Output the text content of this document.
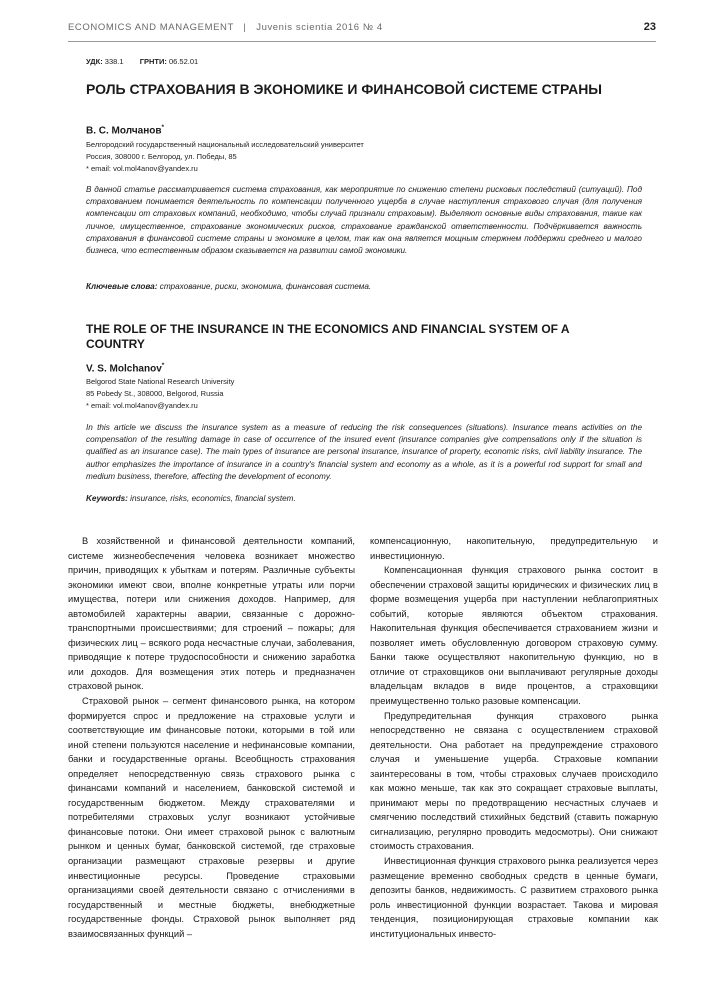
ECONOMICS AND MANAGEMENT   |   Juvenis scientia 2016 № 4	23
УДК: 338.1 ГРНТИ: 06.52.01
РОЛЬ СТРАХОВАНИЯ В ЭКОНОМИКЕ И ФИНАНСОВОЙ СИСТЕМЕ СТРАНЫ
В. С. Молчанов*
Белгородский государственный национальный исследовательский университет
Россия, 308000 г. Белгород, ул. Победы, 85
* email: vol.mol4anov@yandex.ru
В данной статье рассматривается система страхования, как мероприятие по снижению степени рисковых последствий (ситуаций). Под страхованием понимается деятельность по компенсации полученного ущерба в случае наступления страхового случая (для получения компенсации от страховых компаний, необходимо, чтобы случай признали страховым). Выделяют основные виды страхования, такие как личное, имущественное, страхование экономических рисков, страхование гражданской ответственности. Подчёркивается важность страхования в финансовой системе страны и экономике в целом, так как она является мощным стержнем поддержки среднего и малого бизнеса, что естественным образом сказывается на развитии самой экономики.
Ключевые слова: страхование, риски, экономика, финансовая система.
THE ROLE OF THE INSURANCE IN THE ECONOMICS AND FINANCIAL SYSTEM OF A COUNTRY
V. S. Molchanov*
Belgorod State National Research University
85 Pobedy St., 308000, Belgorod, Russia
* email: vol.mol4anov@yandex.ru
In this article we discuss the insurance system as a measure of reducing the risk consequences (situations). Insurance means activities on the compensation of the resulting damage in case of occurrence of the insured event (insurance companies give compensations only if the situation is qualified as an insurance case). The main types of insurance are personal insurance, insurance of property, economic risks, civil liability insurance. The author emphasizes the importance of insurance in a country's financial system and economy as a whole, as it is a powerful rod support for small and medium business, therefore, affecting the development of economy.
Keywords: insurance, risks, economics, financial system.

В хозяйственной и финансовой деятельности компаний, системе жизнеобеспечения человека возникает множество причин, приводящих к убыткам и потерям. Различные субъекты экономики имеют свои, вполне конкретные утраты или порчи имущества, потери или снижения доходов. Например, для автомобилей характерны аварии, связанные с дорожно-транспортными происшествиями; для строений – пожары; для физических лиц – всякого рода несчастные случаи, заболевания, приводящие к потере трудоспособности и снижению заработка или доходов. Для возмещения этих потерь и предназначен страховой рынок.

Страховой рынок – сегмент финансового рынка, на котором формируется спрос и предложение на страховые услуги и соответствующие им финансовые потоки, которыми в той или иной степени пользуются население и нефинансовые компании, банки и государственные органы. Всеобщность страхования определяет непосредственную связь страхового рынка с финансами компаний и населением, банковской системой и государственным бюджетом. Между страхователями и потребителями страховых услуг возникают устойчивые финансовые потоки. Они имеет страховой рынок с валютным рынком и ценных бумаг, банковской системой, где страховые организации размещают страховые резервы и другие инвестиционные ресурсы. Проведение страховыми организациями своей деятельности связано с отчислениями в государственный и местные бюджеты, внебюджетные государственные фонды. Страховой рынок выполняет ряд взаимосвязанных функций –

компенсационную, накопительную, предупредительную и инвестиционную.

Компенсационная функция страхового рынка состоит в обеспечении страховой защиты юридических и физических лиц в форме возмещения ущерба при наступлении неблагоприятных событий, которые являются объектом страхования. Накопительная функция обеспечивается страхованием жизни и позволяет иметь обусловленную договором страховую сумму. Банки также осуществляют накопительную функцию, но в отличие от страховщиков они выплачивают регулярные доходы владельцам вкладов в виде процентов, а страховщики преимущественно только разовые компенсации.

Предупредительная функция страхового рынка непосредственно не связана с осуществлением страховой деятельности. Она работает на предупреждение страхового случая и уменьшение ущерба. Страховые компании заинтересованы в том, чтобы страховых случаев происходило как можно меньше, так как это сокращает страховые выплаты, принимают меры по предотвращению несчастных случаев и смягчению последствий стихийных бедствий (ставить пожарную сигнализацию, регулярно проводить медосмотры). Они снижают стоимость страхования.

Инвестиционная функция страхового рынка реализуется через размещение временно свободных средств в ценные бумаги, депозиты банков, недвижимость. С развитием страхового рынка роль инвестиционной функции возрастает. Такова и мировая тенденция, позиционирующая страховые компании как институциональных инвесто-
